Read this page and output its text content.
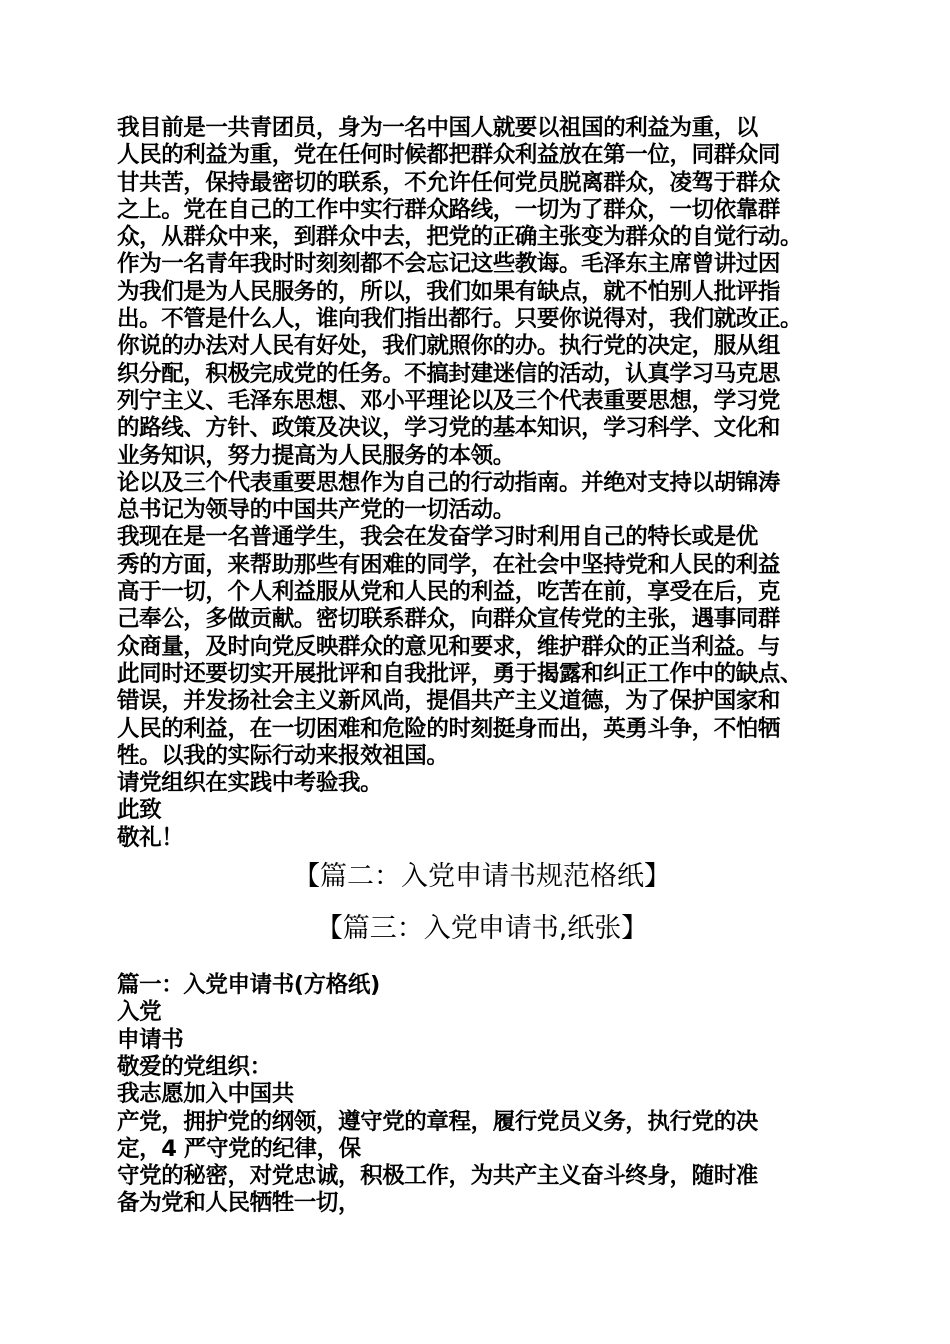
我目前是一共青团员，身为一名中国人就要以祖国的利益为重，以
人民的利益为重，党在任何时候都把群众利益放在第一位，同群众同
甘共苦，保持最密切的联系，不允许任何党员脱离群众，凌驾于群众
之上。党在自己的工作中实行群众路线，一切为了群众，一切依靠群
众，从群众中来，到群众中去，把党的正确主张变为群众的自觉行动。
作为一名青年我时时刻刻都不会忘记这些教诲。毛泽东主席曾讲过因
为我们是为人民服务的，所以，我们如果有缺点，就不怕别人批评指
出。不管是什么人，谁向我们指出都行。只要你说得对，我们就改正。
你说的办法对人民有好处，我们就照你的办。执行党的决定，服从组
织分配，积极完成党的任务。不搞封建迷信的活动，认真学习马克思
列宁主义、毛泽东思想、邓小平理论以及三个代表重要思想，学习党
的路线、方针、政策及决议，学习党的基本知识，学习科学、文化和
业务知识，努力提高为人民服务的本领。
论以及三个代表重要思想作为自己的行动指南。并绝对支持以胡锦涛
总书记为领导的中国共产党的一切活动。
我现在是一名普通学生，我会在发奋学习时利用自己的特长或是优
秀的方面，来帮助那些有困难的同学，在社会中坚持党和人民的利益
高于一切，个人利益服从党和人民的利益，吃苦在前，享受在后，克
己奉公，多做贡献。密切联系群众，向群众宣传党的主张，遇事同群
众商量，及时向党反映群众的意见和要求，维护群众的正当利益。与
此同时还要切实开展批评和自我批评，勇于揭露和纠正工作中的缺点、
错误，并发扬社会主义新风尚，提倡共产主义道德，为了保护国家和
人民的利益，在一切困难和危险的时刻挺身而出，英勇斗争，不怕牺
牲。以我的实际行动来报效祖国。
请党组织在实践中考验我。
此致
敬礼！
【篇二：入党申请书规范格纸】
【篇三：入党申请书,纸张】
篇一：入党申请书(方格纸)
入党
申请书
敬爱的党组织：
我志愿加入中国共
产党，拥护党的纲领，遵守党的章程，履行党员义务，执行党的决
定，4 严守党的纪律，保
守党的秘密，对党忠诚，积极工作，为共产主义奋斗终身，随时准
备为党和人民牺牲一切，
